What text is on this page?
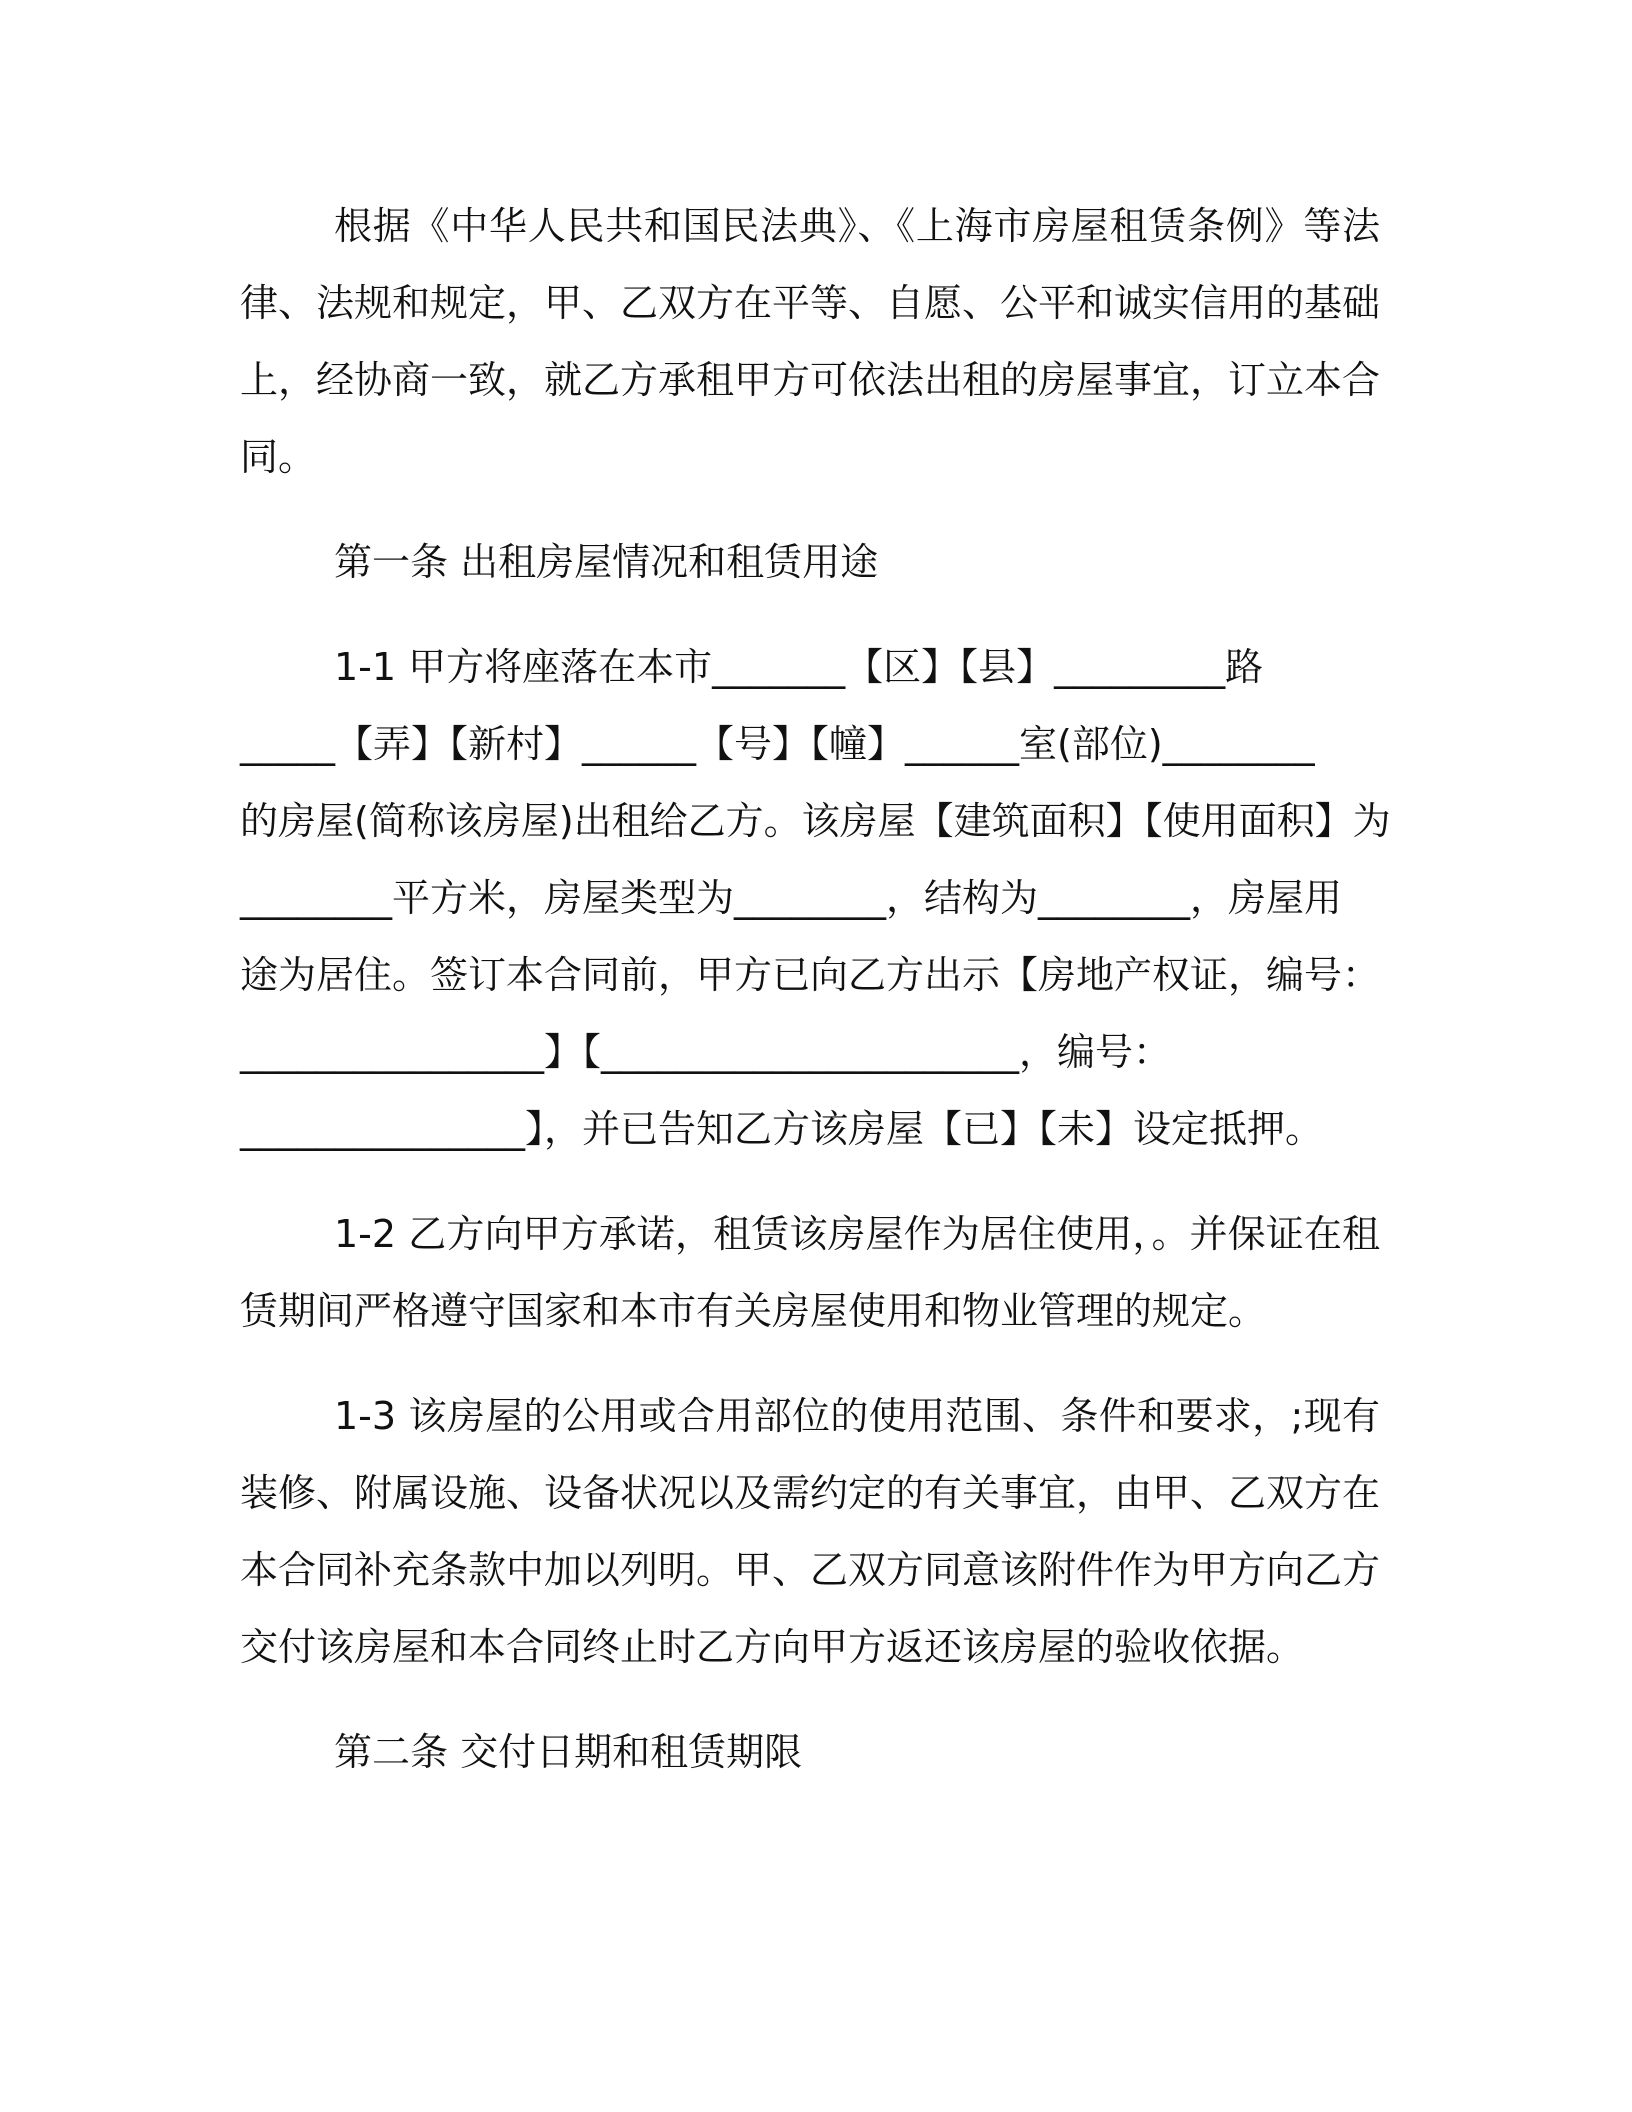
根据《中华人民共和国民法典》、《上海市房屋租赁条例》等法律、法规和规定，甲、乙双方在平等、自愿、公平和诚实信用的基础上，经协商一致，就乙方承租甲方可依法出租的房屋事宜，订立本合同。

第一条 出租房屋情况和租赁用途

1-1 甲方将座落在本市_______【区】【县】_________路
_____【弄】【新村】______【号】【幢】______室(部位)________
的房屋(简称该房屋)出租给乙方。该房屋【建筑面积】【使用面积】为
________平方米，房屋类型为________，结构为________，房屋用
途为居住。签订本合同前，甲方已向乙方出示【房地产权证，编号：
________________】【______________________，编号：
_______________】，并已告知乙方该房屋【已】【未】设定抵押。

1-2 乙方向甲方承诺，租赁该房屋作为居住使用，。并保证在租赁期间严格遵守国家和本市有关房屋使用和物业管理的规定。

1-3 该房屋的公用或合用部位的使用范围、条件和要求，;现有装修、附属设施、设备状况以及需约定的有关事宜，由甲、乙双方在本合同补充条款中加以列明。甲、乙双方同意该附件作为甲方向乙方交付该房屋和本合同终止时乙方向甲方返还该房屋的验收依据。

第二条 交付日期和租赁期限
